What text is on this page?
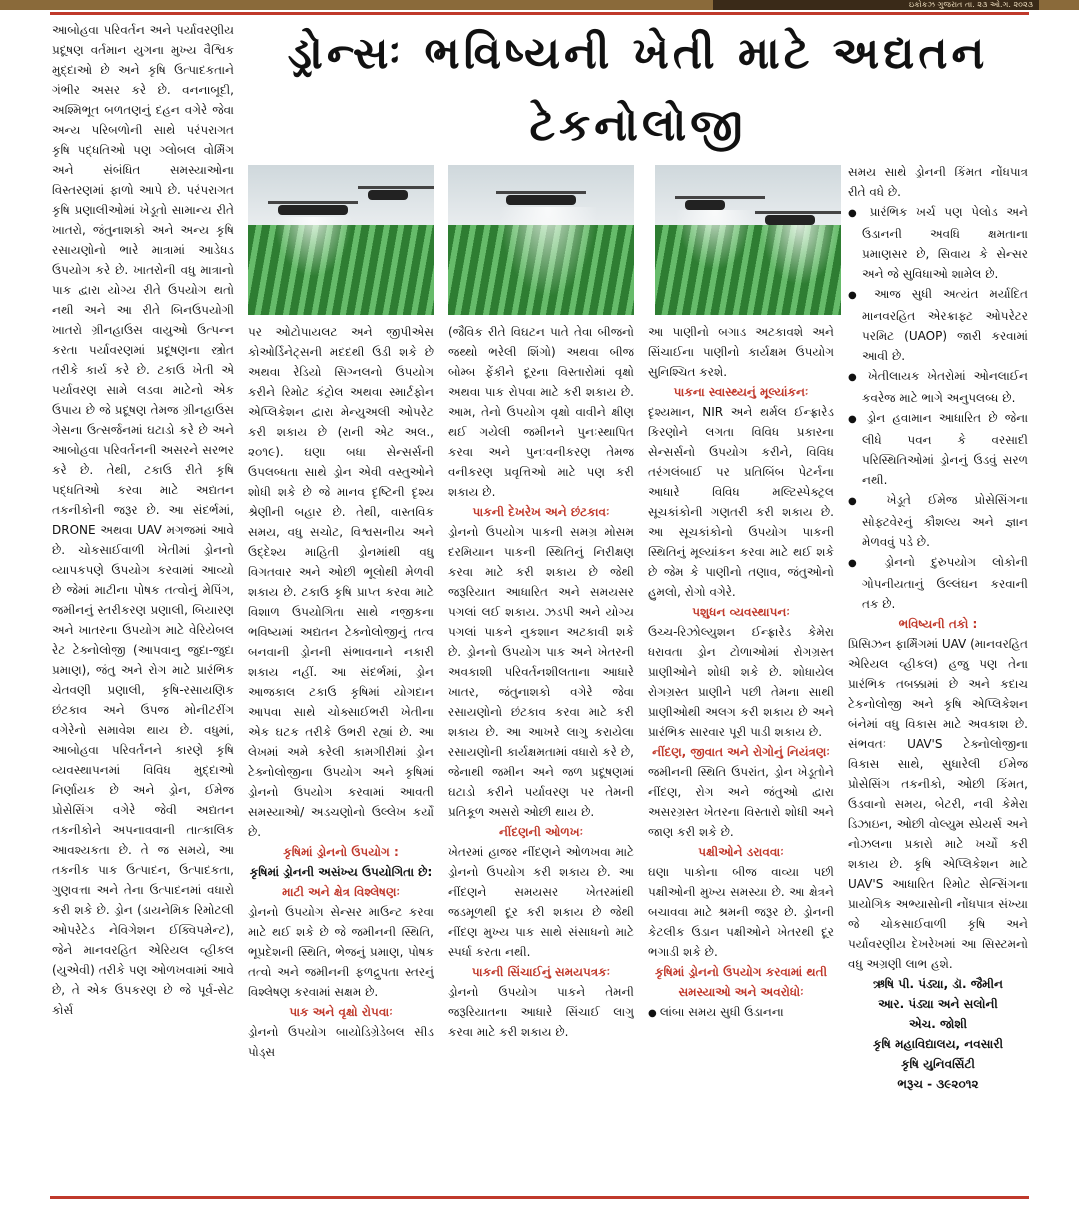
ઇકોકઝ ગુજરાત તા. ૨૩ ઓ.ગ. ૨૦૨૩
ડ્રોન્સઃ ભવિષ્યની ખેતી માટે અદ્યતન ટેકનોલોજી

આબોહવા પરિવર્તન અને પર્યાવરણીય પ્રદૂષણ વર્તમાન યુગના મુખ્ય વૈશ્વિક મુદ્દાઓ છે અને કૃષિ ઉત્પાદકતાને ગંભીર અસર કરે છે. વનનાબૂદી, અશ્મિભૂત બળતણનું દહન વગેરે જેવા અન્ય પરિબળોની સાથે પરંપરાગત કૃષિ પદ્ધતિઓ પણ ગ્લોબલ વોર્મિંગ અને સંબંધિત સમસ્યાઓના વિસ્તરણમાં ફાળો આપે છે. પરંપરાગત કૃષિ પ્રણાલીઓમાં ખેડૂતો સામાન્ય રીતે ખાતરો, જંતુનાશકો અને અન્ય કૃષિ રસાયણોનો ભારે માત્રામાં આડેધડ ઉપયોગ કરે છે. ખાતરોની વધુ માત્રાનો પાક દ્વારા યોગ્ય રીતે ઉપયોગ થતો નથી અને આ રીતે બિનઉપયોગી ખાતરો ગ્રીનહાઉસ વાયુઓ ઉત્પન્ન કરતા પર્યાવરણમાં પ્રદૂષણના સ્ત્રોત તરીકે કાર્ય કરે છે. ટકાઉ ખેતી એ પર્યાવરણ સામે લડવા માટેનો એક ઉપાય છે જે પ્રદૂષણ તેમજ ગ્રીનહાઉસ ગેસના ઉત્સર્જનમાં ઘટાડો કરે છે અને આબોહવા પરિવર્તનની અસરને સરભર કરે છે. તેથી, ટકાઉ રીતે કૃષિ પદ્ધતિઓ કરવા માટે અદ્યતન તકનીકોની જરૂર છે. આ સંદર્ભમાં, DRONE અથવા UAV મગજમાં આવે છે. ચોકસાઈવાળી ખેતીમાં ડ્રોનનો વ્યાપકપણે ઉપયોગ કરવામાં આવ્યો છે જેમાં માટીના પોષક તત્વોનું મેપિંગ, જમીનનું સ્તરીકરણ પ્રણાલી, બિયારણ અને ખાતરના ઉપયોગ માટે વેરિયેબલ રેટ ટેક્નોલોજી (આપવાનુ જુદા-જુદા પ્રમાણ), જંતુ અને રોગ માટે પ્રારંભિક ચેતવણી પ્રણાલી, કૃષિ-રસાયણિક છંટકાવ અને ઉપજ મોનીટરીંગ વગેરેનો સમાવેશ થાય છે. વધુમાં, આબોહવા પરિવર્તનને કારણે કૃષિ વ્યવસ્થાપનમાં વિવિધ મુદ્દાઓ નિર્ણાયક છે અને ડ્રોન, ઈમેજ પ્રોસેસિંગ વગેરે જેવી અદ્યતન તકનીકોને અપનાવવાની તાત્કાલિક આવશ્યકતા છે. તે જ સમયે, આ તકનીક પાક ઉત્પાદન, ઉત્પાદકતા, ગુણવત્તા અને તેના ઉત્પાદનમાં વધારો કરી શકે છે. ડ્રોન (ડાયનેમિક રિમોટલી ઓપરેટેડ નેવિગેશન ઈક્વિપમેન્ટ), જેને માનવરહિત એરિયલ વ્હીકલ (યુએવી) તરીકે પણ ઓળખવામાં આવે છે, તે એક ઉપકરણ છે જે પૂર્વ-સેટ કોર્સ

પર ઓટોપાયલટ અને જીપીએસ કોઓર્ડિનેટ્સની મદદથી ઉડી શકે છે અથવા રેડિયો સિગ્નલનો ઉપયોગ કરીને રિમોટ કંટ્રોલ અથવા સ્માર્ટફોન એપ્લિકેશન દ્વારા મેન્યુઅલી ઓપરેટ કરી શકાય છે (રાની એટ અલ., ૨૦૧૯). ઘણા બધા સેન્સર્સની ઉપલબ્ધતા સાથે ડ્રોન એવી વસ્તુઓને શોધી શકે છે જે માનવ દૃષ્ટિની દૃશ્ય શ્રેણીની બહાર છે. તેથી, વાસ્તવિક સમય, વધુ સચોટ, વિશ્વસનીય અને ઉદ્દેશ્ય માહિતી ડ્રોનમાંથી વધુ વિગતવાર અને ઓછી ભૂલોથી મેળવી શકાય છે. ટકાઉ કૃષિ પ્રાપ્ત કરવા માટે વિશાળ ઉપયોગિતા સાથે નજીકના ભવિષ્યમાં અદ્યતન ટેક્નોલોજીનું તત્વ બનવાની ડ્રોનની સંભાવનાને નકારી શકાય નહીં. આ સંદર્ભમાં, ડ્રોન આજકાલ ટકાઉ કૃષિમાં યોગદાન આપવા સાથે ચોક્સાઈભરી ખેતીના એક ઘટક તરીકે ઉભરી રહ્યાં છે. આ લેખમાં અમે કરેલી કામગીરીમાં ડ્રોન ટેક્નોલોજીના ઉપયોગ અને કૃષિમાં ડ્રોનનો ઉપયોગ કરવામાં આવતી સમસ્યાઓ/ અડચણોનો ઉલ્લેખ કર્યો છે.

કૃષિમાં ડ્રોનનો ઉપયોગ :
કૃષિમાં ડ્રોનની અસંખ્ય ઉપયોગિતા છે:
માટી અને ક્ષેત્ર વિશ્લેષણઃ

ડ્રોનનો ઉપયોગ સેન્સર માઉન્ટ કરવા માટે થઈ શકે છે જે જમીનની સ્થિતિ, ભૂપ્રદેશની સ્થિતિ, ભેજનું પ્રમાણ, પોષક તત્વો અને જમીનની ફળદ્રુપતા સ્તરનું વિશ્લેષણ કરવામાં સક્ષમ છે.

પાક અને વૃક્ષો રોપવાઃ

ડ્રોનનો ઉપયોગ બાયોડિગ્રેડેબલ સીડ પોડ્સ

(જૈવિક રીતે વિઘટન પાતે તેવા બીજનો જથ્થો ભરેલી શિંગો) અથવા બીજ બોમ્બ ફેંકીને દૂરના વિસ્તારોમાં વૃક્ષો અથવા પાક રોપવા માટે કરી શકાય છે. આમ, તેનો ઉપયોગ વૃક્ષો વાવીને ક્ષીણ થઈ ગયેલી જમીનને પુનઃસ્થાપિત કરવા અને પુનઃવનીકરણ તેમજ વનીકરણ પ્રવૃત્તિઓ માટે પણ કરી શકાય છે.

પાકની દેખરેખ અને છંટકાવઃ

ડ્રોનનો ઉપયોગ પાકની સમગ્ર મોસમ દરમિયાન પાકની સ્થિતિનું નિરીક્ષણ કરવા માટે કરી શકાય છે જેથી જરૂરિયાત આધારિત અને સમયસર પગલાં લઈ શકાય. ઝડપી અને યોગ્ય પગલાં પાકને નુકશાન અટકાવી શકે છે. ડ્રોનનો ઉપયોગ પાક અને ખેતરની અવકાશી પરિવર્તનશીલતાના આધારે ખાતર, જંતુનાશકો વગેરે જેવા રસાયણોનો છંટકાવ કરવા માટે કરી શકાય છે. આ આખરે લાગુ કરાયેલા રસાયણોની કાર્યક્ષમતામાં વધારો કરે છે, જેનાથી જમીન અને જળ પ્રદૂષણમાં ઘટાડો કરીને પર્યાવરણ પર તેમની પ્રતિકૂળ અસરો ઓછી થાય છે.

નીંદણની ઓળખઃ

ખેતરમાં હાજર નીંદણને ઓળખવા માટે ડ્રોનનો ઉપયોગ કરી શકાય છે. આ નીંદણને સમયસર ખેતરમાંથી જડમૂળથી દૂર કરી શકાય છે જેથી નીંદણ મુખ્ય પાક સાથે સંસાધનો માટે સ્પર્ધા કરતા નથી.

પાકની સિંચાઈનું સમયપત્રકઃ

ડ્રોનનો ઉપયોગ પાકને તેમની જરૂરિયાતના આધારે સિંચાઈ લાગુ કરવા માટે કરી શકાય છે.

આ પાણીનો બગાડ અટકાવશે અને સિંચાઈના પાણીનો કાર્યક્ષમ ઉપયોગ સુનિશ્ચિત કરશે.

પાકના સ્વાસ્થ્યનું મૂલ્યાંકનઃ

દૃશ્યમાન, NIR અને થર્મલ ઈન્ફ્રારેડ કિરણોને લગતા વિવિધ પ્રકારના સેન્સર્સનો ઉપયોગ કરીને, વિવિધ તરંગલંબાઈ પર પ્રતિબિંબ પેટર્નના આધારે વિવિધ મલ્ટિસ્પેક્ટ્રલ સૂચકાંકોની ગણતરી કરી શકાય છે. આ સૂચકાંકોનો ઉપયોગ પાકની સ્થિતિનું મૂલ્યાંકન કરવા માટે થઈ શકે છે જેમ કે પાણીનો તણાવ, જંતુઓનો હુમલો, રોગો વગેરે.

પશુધન વ્યવસ્થાપનઃ

ઉચ્ચ-રિઝોલ્યુશન ઈન્ફ્રારેડ કેમેરા ધરાવતા ડ્રોન ટોળાઓમાં રોગગ્રસ્ત પ્રાણીઓને શોધી શકે છે. શોધાયેલ રોગગ્રસ્ત પ્રાણીને પછી તેમના સાથી પ્રાણીઓથી અલગ કરી શકાય છે અને પ્રારંભિક સારવાર પૂરી પાડી શકાય છે.

નીંદણ, જીવાત અને રોગોનું નિયંત્રણઃ

જમીનની સ્થિતિ ઉપરાંત, ડ્રોન ખેડૂતોને નીંદણ, રોગ અને જંતુઓ દ્વારા અસરગ્રસ્ત ખેતરના વિસ્તારો શોધી અને જાણ કરી શકે છે.

પક્ષીઓને ડરાવવાઃ

ઘણા પાકોના બીજ વાવ્યા પછી પક્ષીઓની મુખ્ય સમસ્યા છે. આ ક્ષેત્રને બચાવવા માટે શ્રમની જરૂર છે. ડ્રોનની કેટલીક ઉડાન પક્ષીઓને ખેતરથી દૂર ભગાડી શકે છે.

કૃષિમાં ડ્રોનનો ઉપયોગ કરવામાં થતી સમસ્યાઓ અને અવરોધોઃ
● લાંબા સમય સુધી ઉડાનના

સમય સાથે ડ્રોનની કિંમત નોંધપાત્ર રીતે વધે છે.

● પ્રારંભિક ખર્ચ પણ પેલોડ અને ઉડાનની અવધિ ક્ષમતાના પ્રમાણસર છે, સિવાય કે સેન્સર અને જે સુવિધાઓ શામેલ છે.
● આજ સુધી અત્યંત મર્યાદિત માનવરહિત એરક્રાફ્ટ ઓપરેટર પરમિટ (UAOP) જારી કરવામાં આવી છે.
● ખેતીલાયક ખેતરોમાં ઓનલાઈન કવરેજ માટે ભાગે અનુપલબ્ધ છે.
● ડ્રોન હવામાન આધારિત છે જેના લીધે પવન કે વરસાદી પરિસ્થિતિઓમાં ડ્રોનનું ઉડવું સરળ નથી.
● ખેડૂતે ઈમેજ પ્રોસેસિંગના સોફ્ટવેરનું કૌશલ્ય અને જ્ઞાન મેળવવું પડે છે.
● ડ્રોનનો દુરુપયોગ લોકોની ગોપનીયતાનું ઉલ્લંઘન કરવાની તક છે.
ભવિષ્યની તકો :

પ્રિસિઝન ફાર્મિંગમાં UAV (માનવરહિત એરિયલ વ્હીકલ) હજુ પણ તેના પ્રારંભિક તબક્કામાં છે અને કદાચ ટેકનોલોજી અને કૃષિ એપ્લિકેશન બંનેમાં વધુ વિકાસ માટે અવકાશ છે. સંભવતઃ UAV'S ટેક્નોલોજીના વિકાસ સાથે, સુધારેલી ઈમેજ પ્રોસેસિંગ તકનીકો, ઓછી કિંમત, ઉડવાનો સમય, બેટરી, નવી કેમેરા ડિઝાઇન, ઓછી વોલ્યુમ સ્પ્રેયર્સ અને નોઝલના પ્રકારો માટે ખર્ચો કરી શકાય છે. કૃષિ એપ્લિકેશન માટે UAV'S આધારિત રિમોટ સેન્સિંગના પ્રાયોગિક અભ્યાસોની નોંધપાત્ર સંખ્યા જે ચોકસાઈવાળી કૃષિ અને પર્યાવરણીય દેખરેખમાં આ સિસ્ટમનો વધુ અગ્રણી લાભ હશે.

ઋષિ પી. પંડ્યા, ડૉ. જૈમીન
આર. પંડ્યા અને સલોની
એચ. જોશી
કૃષિ મહાવિદ્યાલય, નવસારી
કૃષિ યુનિવર્સિટી
ભરૂચ - ૩૯૨૦૧૨
